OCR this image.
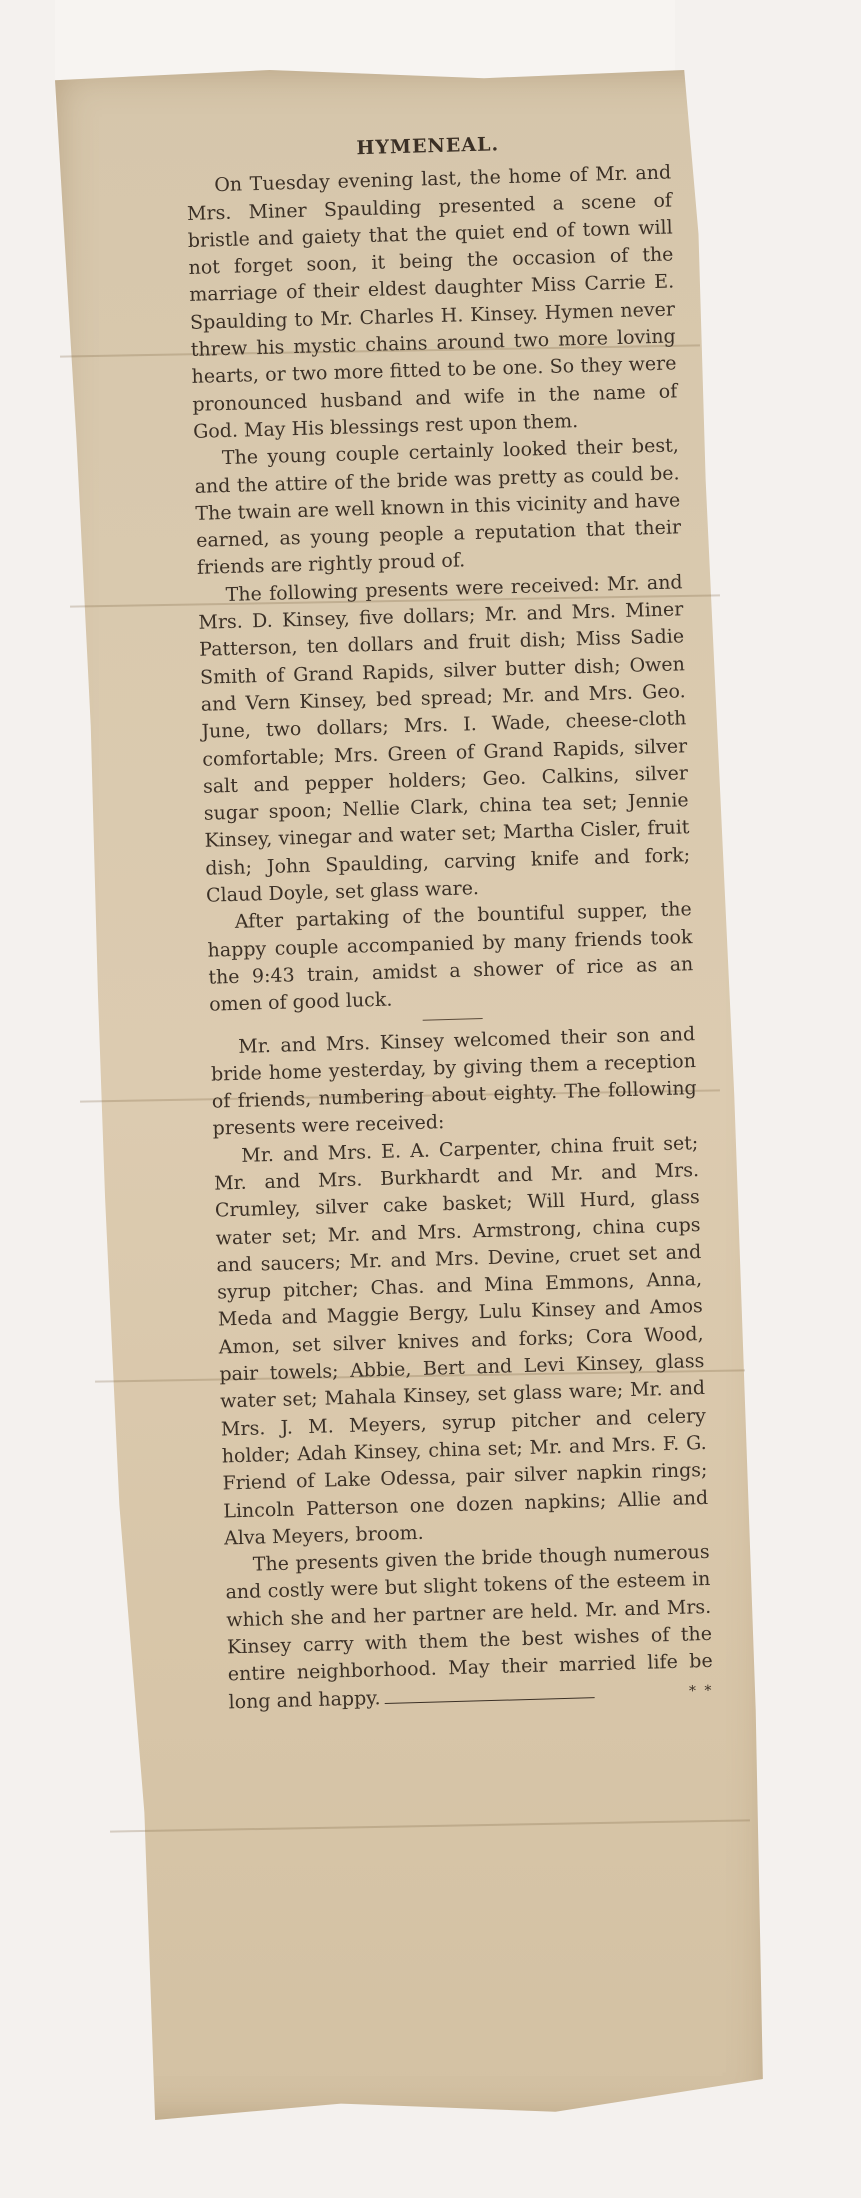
HYMENEAL.

On Tuesday evening last, the home of Mr. and Mrs. Miner Spaulding presented a scene of bristle and gaiety that the quiet end of town will not forget soon, it being the occasion of the marriage of their eldest daughter Miss Carrie E. Spaulding to Mr. Charles H. Kinsey. Hymen never threw his mystic chains around two more loving hearts, or two more fitted to be one. So they were pronounced husband and wife in the name of God. May His blessings rest upon them.

The young couple certainly looked their best, and the attire of the bride was pretty as could be. The twain are well known in this vicinity and have earned, as young people a reputation that their friends are rightly proud of.

The following presents were received: Mr. and Mrs. D. Kinsey, five dollars; Mr. and Mrs. Miner Patterson, ten dollars and fruit dish; Miss Sadie Smith of Grand Rapids, silver butter dish; Owen and Vern Kinsey, bed spread; Mr. and Mrs. Geo. June, two dollars; Mrs. I. Wade, cheese-cloth comfortable; Mrs. Green of Grand Rapids, silver salt and pepper holders; Geo. Calkins, silver sugar spoon; Nellie Clark, china tea set; Jennie Kinsey, vinegar and water set; Martha Cisler, fruit dish; John Spaulding, carving knife and fork; Claud Doyle, set glass ware.

After partaking of the bountiful supper, the happy couple accompanied by many friends took the 9:43 train, amidst a shower of rice as an omen of good luck.

Mr. and Mrs. Kinsey welcomed their son and bride home yesterday, by giving them a reception of friends, numbering about eighty. The following presents were received:

Mr. and Mrs. E. A. Carpenter, china fruit set; Mr. and Mrs. Burkhardt and Mr. and Mrs. Crumley, silver cake basket; Will Hurd, glass water set; Mr. and Mrs. Armstrong, china cups and saucers; Mr. and Mrs. Devine, cruet set and syrup pitcher; Chas. and Mina Emmons, Anna, Meda and Maggie Bergy, Lulu Kinsey and Amos Amon, set silver knives and forks; Cora Wood, pair towels; Abbie, Bert and Levi Kinsey, glass water set; Mahala Kinsey, set glass ware; Mr. and Mrs. J. M. Meyers, syrup pitcher and celery holder; Adah Kinsey, china set; Mr. and Mrs. F. G. Friend of Lake Odessa, pair silver napkin rings; Lincoln Patterson one dozen napkins; Allie and Alva Meyers, broom.

The presents given the bride though numerous and costly were but slight tokens of the esteem in which she and her partner are held. Mr. and Mrs. Kinsey carry with them the best wishes of the entire neighborhood. May their married life be long and happy.	* *
